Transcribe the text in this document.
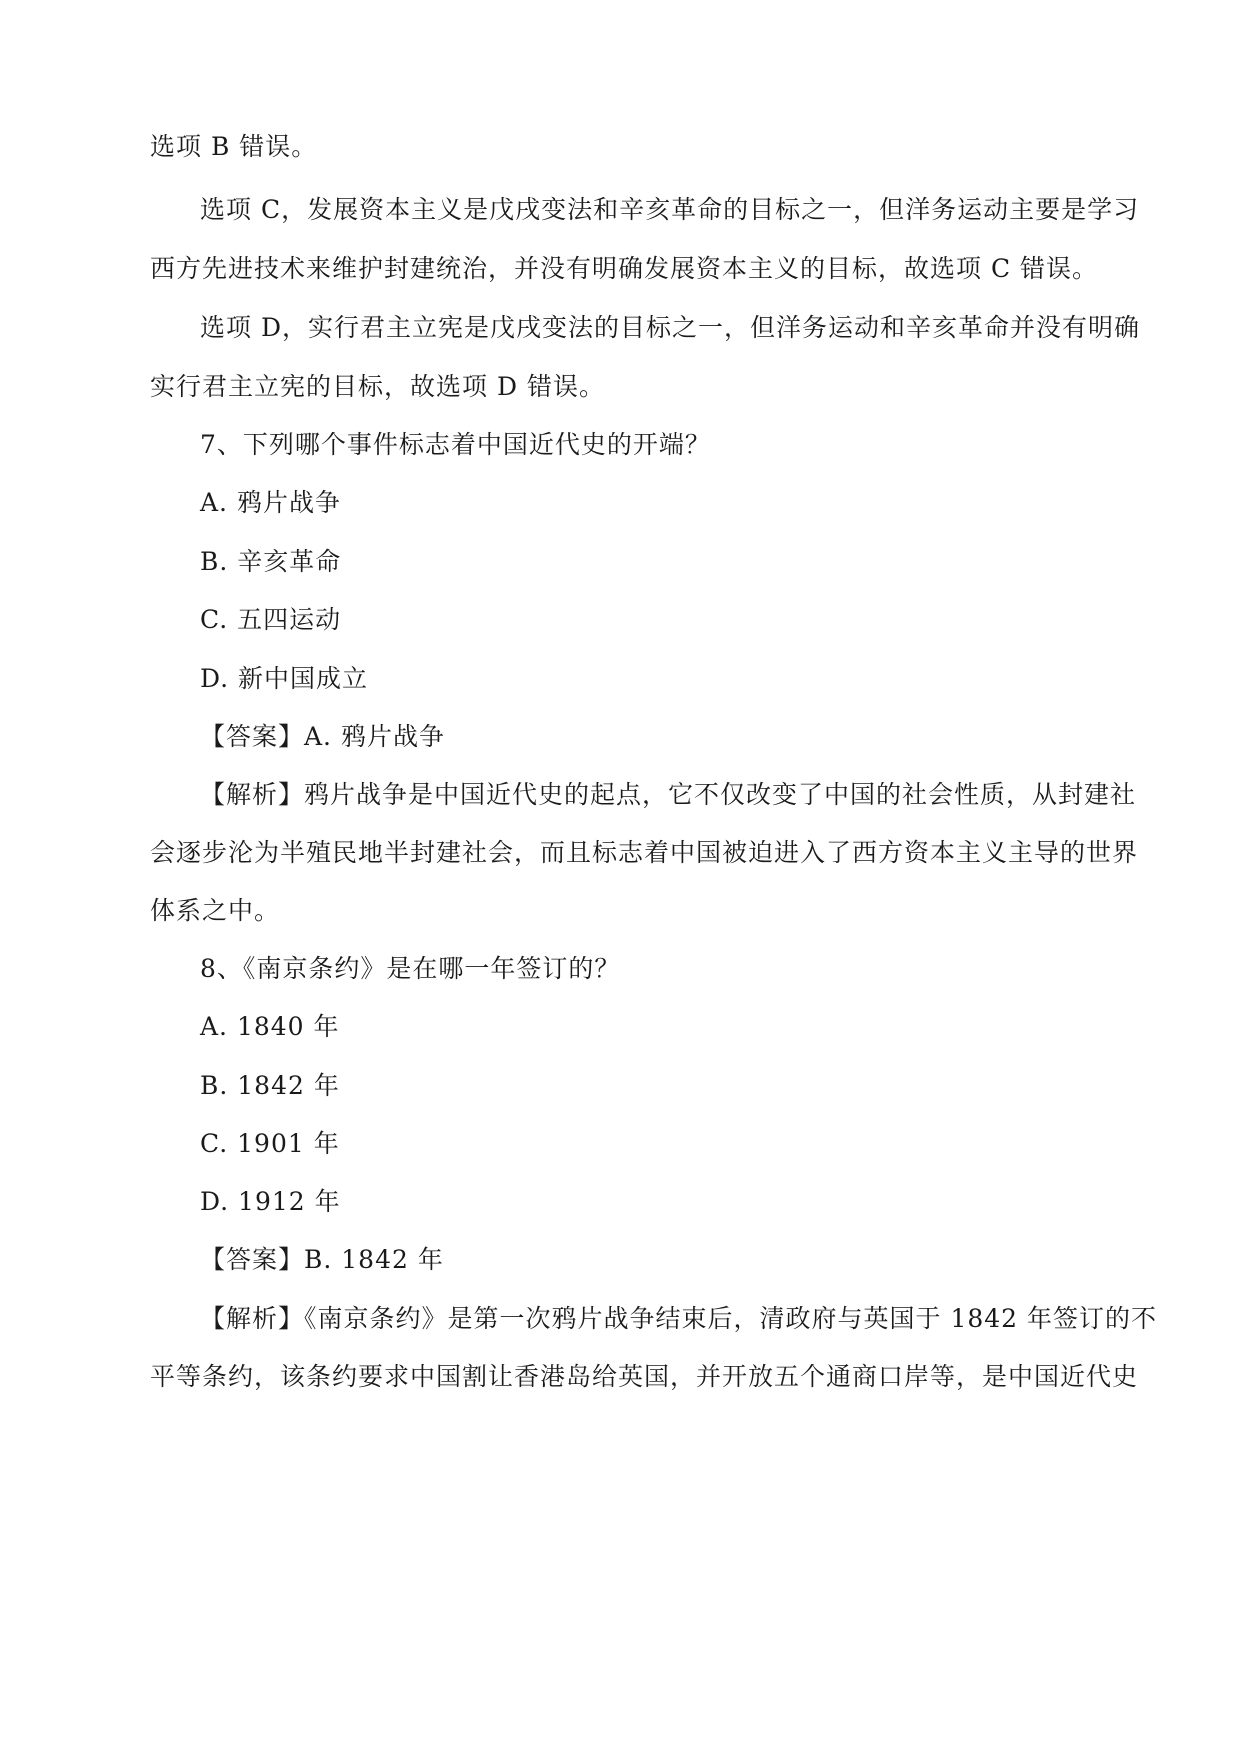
选项 B 错误。
选项 C，发展资本主义是戊戌变法和辛亥革命的目标之一，但洋务运动主要是学习
西方先进技术来维护封建统治，并没有明确发展资本主义的目标，故选项 C 错误。
选项 D，实行君主立宪是戊戌变法的目标之一，但洋务运动和辛亥革命并没有明确
实行君主立宪的目标，故选项 D 错误。
7、下列哪个事件标志着中国近代史的开端？
A. 鸦片战争
B. 辛亥革命
C. 五四运动
D. 新中国成立
【答案】A. 鸦片战争
【解析】鸦片战争是中国近代史的起点，它不仅改变了中国的社会性质，从封建社
会逐步沦为半殖民地半封建社会，而且标志着中国被迫进入了西方资本主义主导的世界
体系之中。
8、《南京条约》是在哪一年签订的？
A. 1840 年
B. 1842 年
C. 1901 年
D. 1912 年
【答案】B. 1842 年
【解析】《南京条约》是第一次鸦片战争结束后，清政府与英国于 1842 年签订的不
平等条约，该条约要求中国割让香港岛给英国，并开放五个通商口岸等，是中国近代史
